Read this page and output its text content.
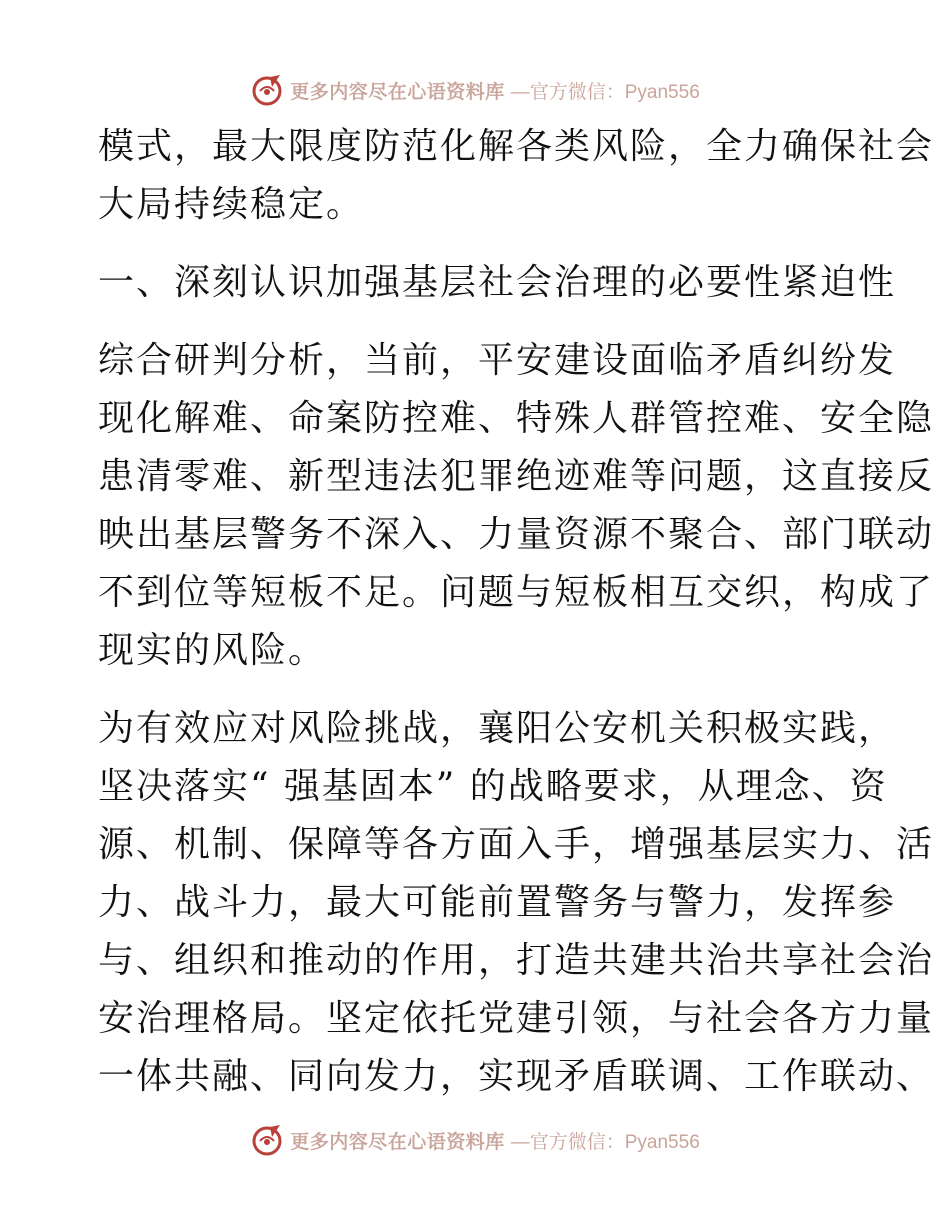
更多内容尽在心语资料库 —官方微信：Pyan556
模式，最大限度防范化解各类风险，全力确保社会
大局持续稳定。
一、深刻认识加强基层社会治理的必要性紧迫性
综合研判分析，当前，平安建设面临矛盾纠纷发
现化解难、命案防控难、特殊人群管控难、安全隐
患清零难、新型违法犯罪绝迹难等问题，这直接反
映出基层警务不深入、力量资源不聚合、部门联动
不到位等短板不足。问题与短板相互交织，构成了
现实的风险。
为有效应对风险挑战，襄阳公安机关积极实践，
坚决落实“ 强基固本” 的战略要求，从理念、资
源、机制、保障等各方面入手，增强基层实力、活
力、战斗力，最大可能前置警务与警力，发挥参
与、组织和推动的作用，打造共建共治共享社会治
安治理格局。坚定依托党建引领，与社会各方力量
一体共融、同向发力，实现矛盾联调、工作联动、
更多内容尽在心语资料库 —官方微信：Pyan556
